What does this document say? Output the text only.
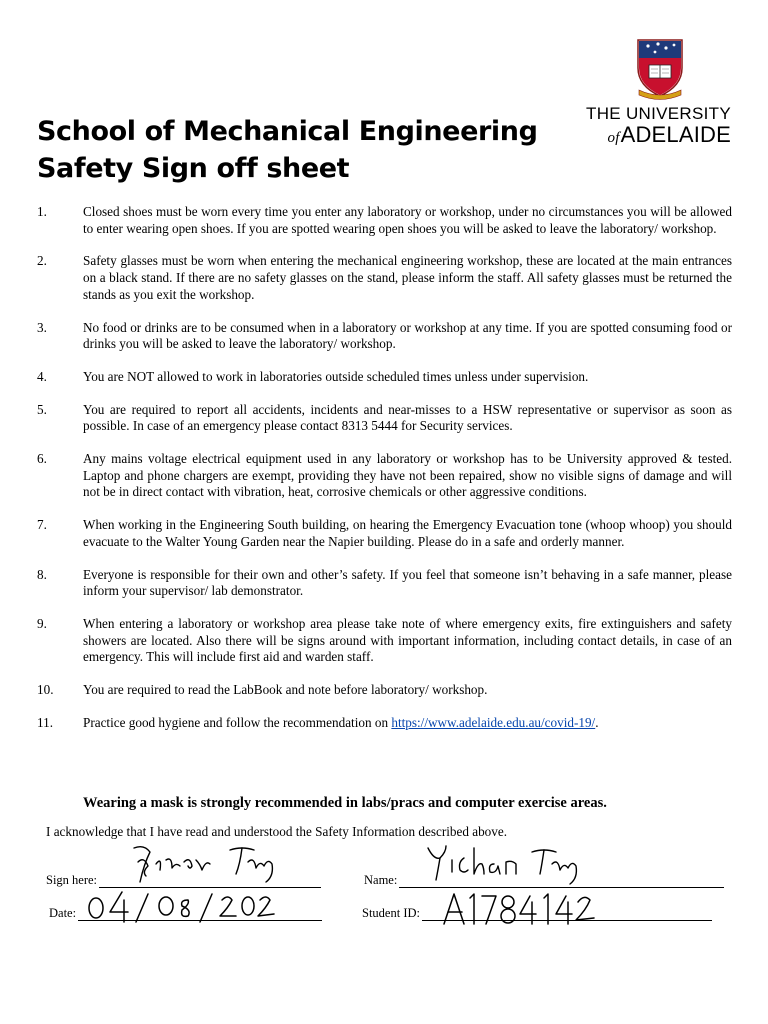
School of Mechanical Engineering
Safety Sign off sheet
THE UNIVERSITY
ofADELAIDE
1.	Closed shoes must be worn every time you enter any laboratory or workshop, under no circumstances you will be allowed to enter wearing open shoes. If you are spotted wearing open shoes you will be asked to leave the laboratory/ workshop.
2.	Safety glasses must be worn when entering the mechanical engineering workshop, these are located at the main entrances on a black stand. If there are no safety glasses on the stand, please inform the staff. All safety glasses must be returned the stands as you exit the workshop.
3.	No food or drinks are to be consumed when in a laboratory or workshop at any time. If you are spotted consuming food or drinks you will be asked to leave the laboratory/ workshop.
4.	You are NOT allowed to work in laboratories outside scheduled times unless under supervision.
5.	You are required to report all accidents, incidents and near-misses to a HSW representative or supervisor as soon as possible. In case of an emergency please contact 8313 5444 for Security services.
6.	Any mains voltage electrical equipment used in any laboratory or workshop has to be University approved & tested. Laptop and phone chargers are exempt, providing they have not been repaired, show no visible signs of damage and will not be in direct contact with vibration, heat, corrosive chemicals or other aggressive conditions.
7.	When working in the Engineering South building, on hearing the Emergency Evacuation tone (whoop whoop) you should evacuate to the Walter Young Garden near the Napier building. Please do in a safe and orderly manner.
8.	Everyone is responsible for their own and other’s safety. If you feel that someone isn’t behaving in a safe manner, please inform your supervisor/ lab demonstrator.
9.	When entering a laboratory or workshop area please take note of where emergency exits, fire extinguishers and safety showers are located. Also there will be signs around with important information, including contact details, in case of an emergency. This will include first aid and warden staff.
10.	You are required to read the LabBook and note before laboratory/ workshop.
11.	Practice good hygiene and follow the recommendation on https://www.adelaide.edu.au/covid-19/.
Wearing a mask is strongly recommended in labs/pracs and computer exercise areas.
I acknowledge that I have read and understood the Safety Information described above.
Sign here:	Name:
Date:	Student ID:
